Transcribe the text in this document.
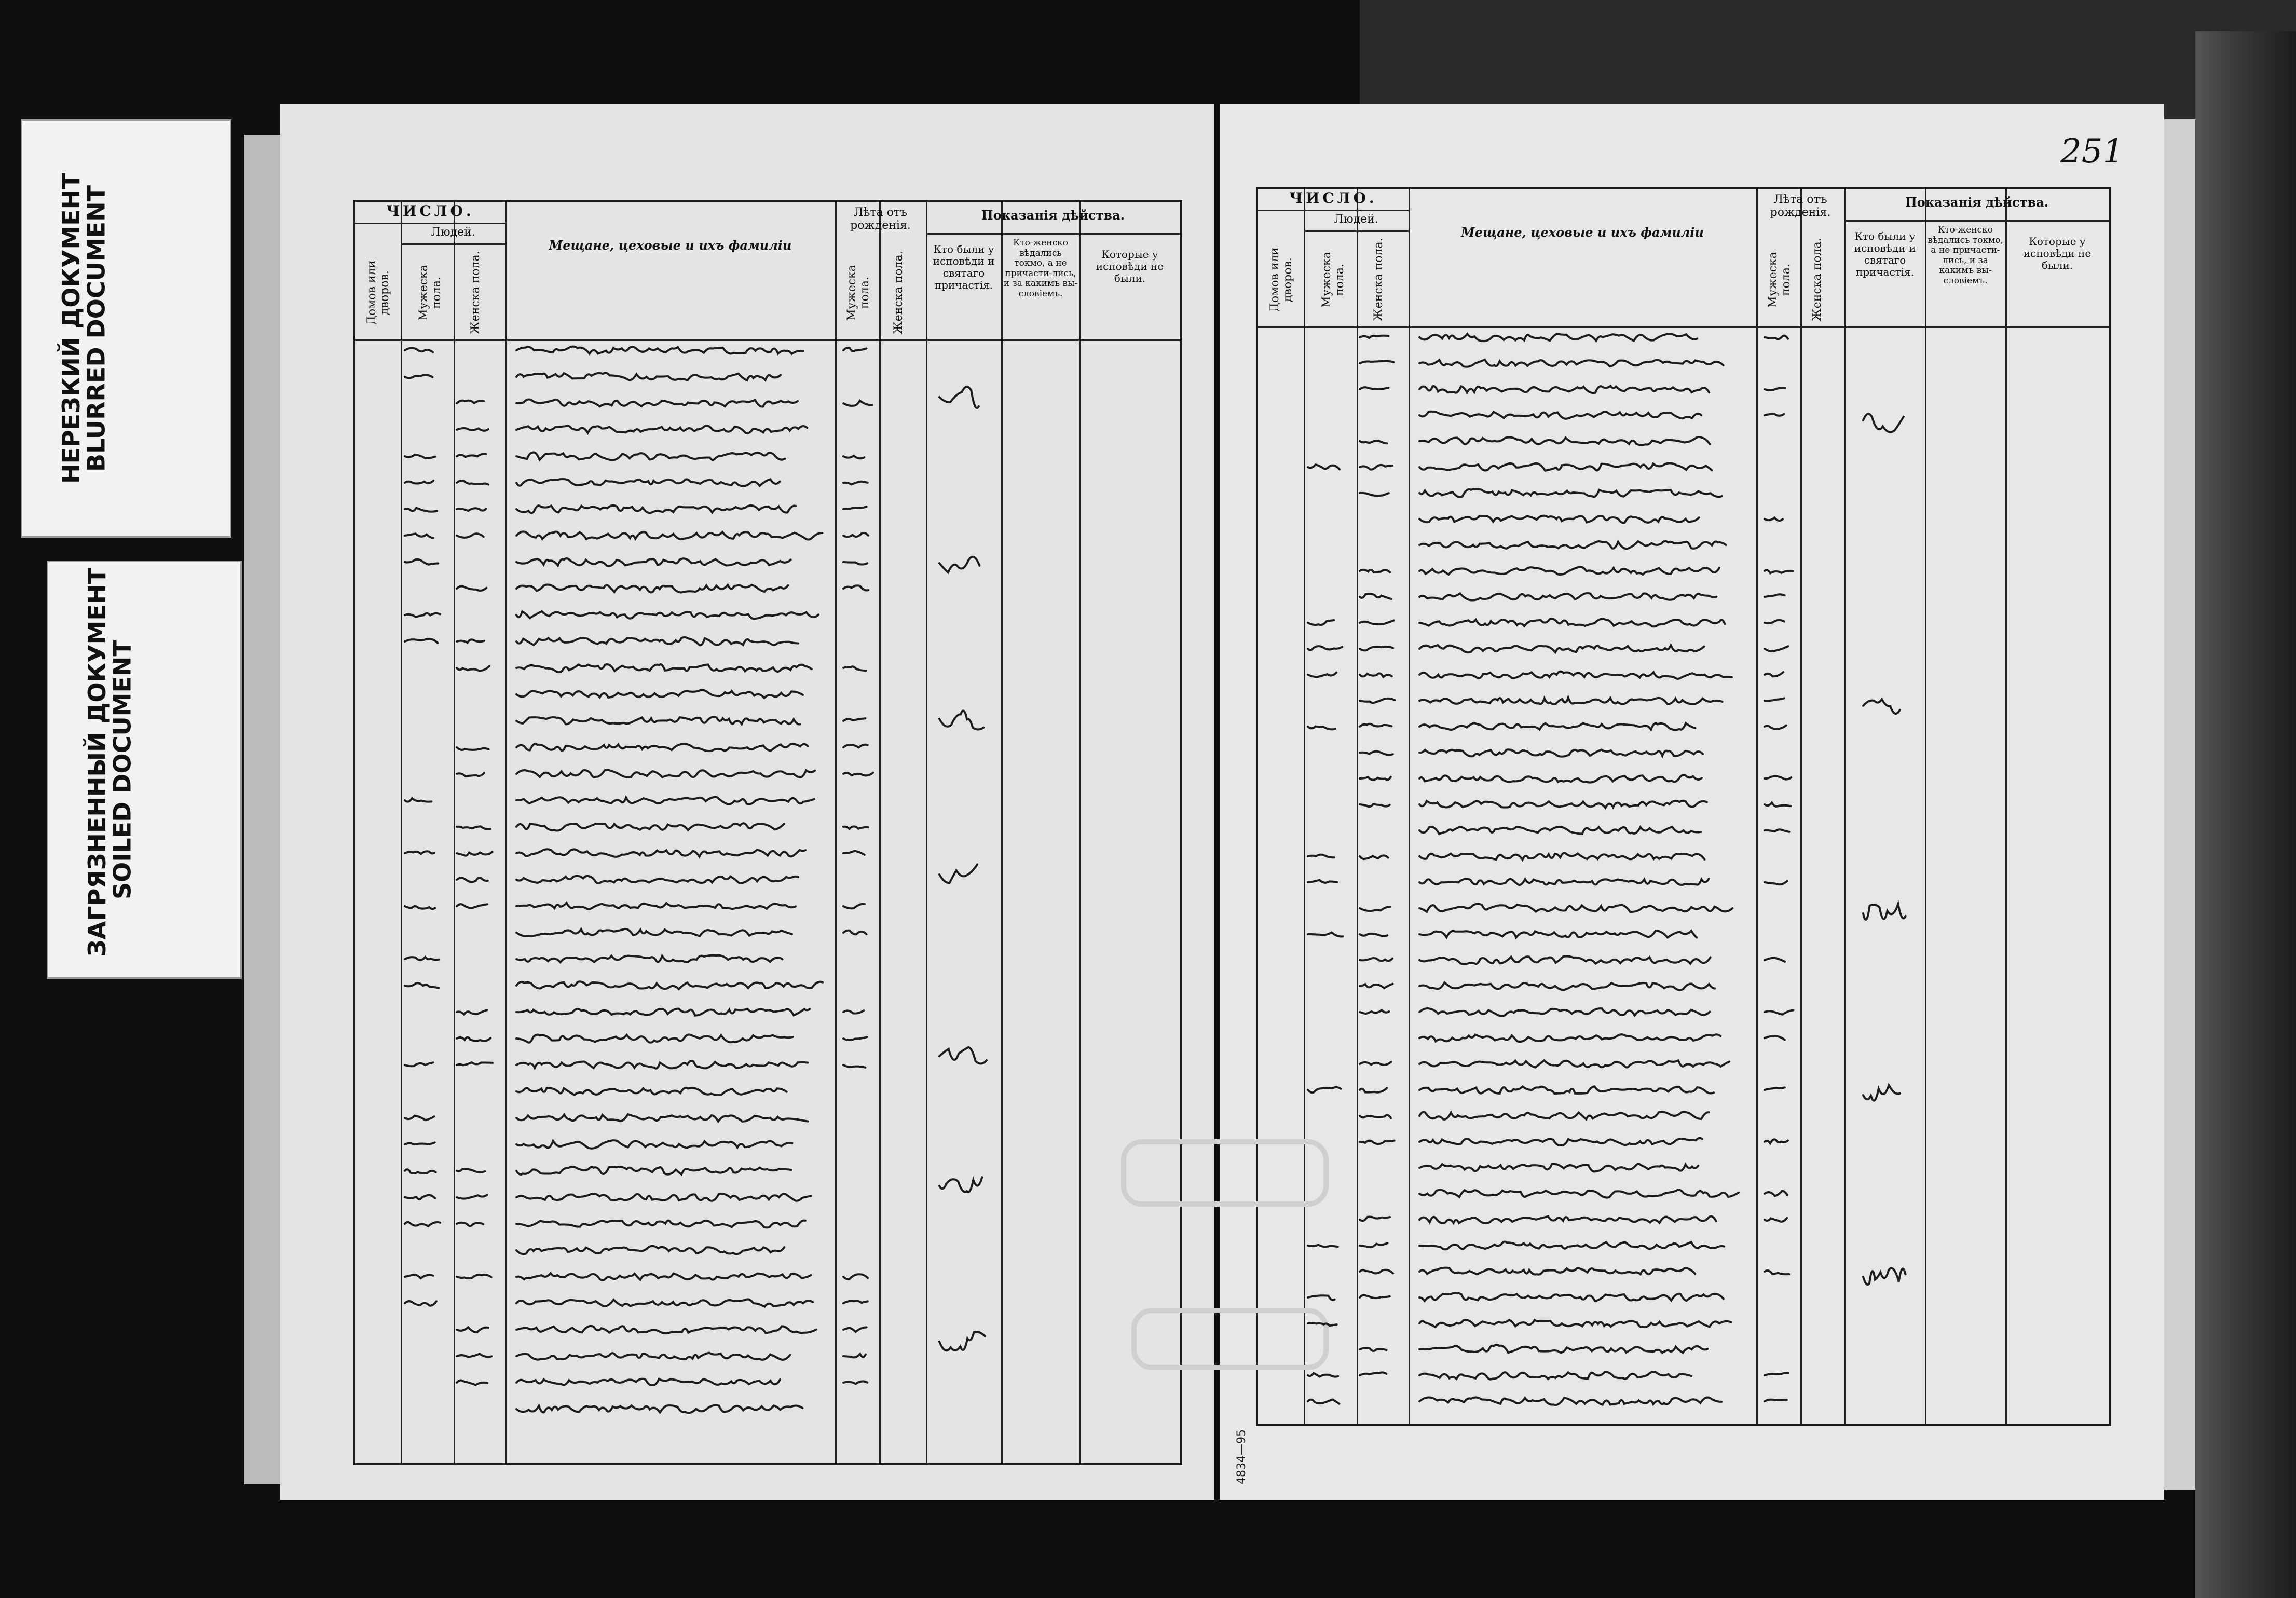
НЕРЕЗКИЙ ДОКУМЕНТ
BLURRED DOCUMENT
ЗАГРЯЗНЕННЫЙ ДОКУМЕНТ
SOILED DOCUMENT
ЧИСЛО.
Людей.
Домов или дворов. Мужеска пола. Женска пола.
Мещане, цеховые и ихъ фамиліи
Лѣта отъ рожденія.
Мужеска пола. Женска пола.
Показанія дѣйства.
Кто были у исповѣди и святаго причастія.
Кто-женско вѣдались токмо, а не причасти-лись, и за какимъ вы-словіемъ.
Которые у исповѣди не были.
251
4834—95
ЧИСЛО.
Людей.
Домов или дворов. Мужеска пола. Женска пола.
Мещане, цеховые и ихъ фамиліи
Лѣта отъ рожденія.
Мужеска пола. Женска пола.
Показанія дѣйства.
Кто были у исповѣди и святаго причастія.
Кто-женско вѣдались токмо, а не причасти-лись, и за какимъ вы-словіемъ.
Которые у исповѣди не были.
